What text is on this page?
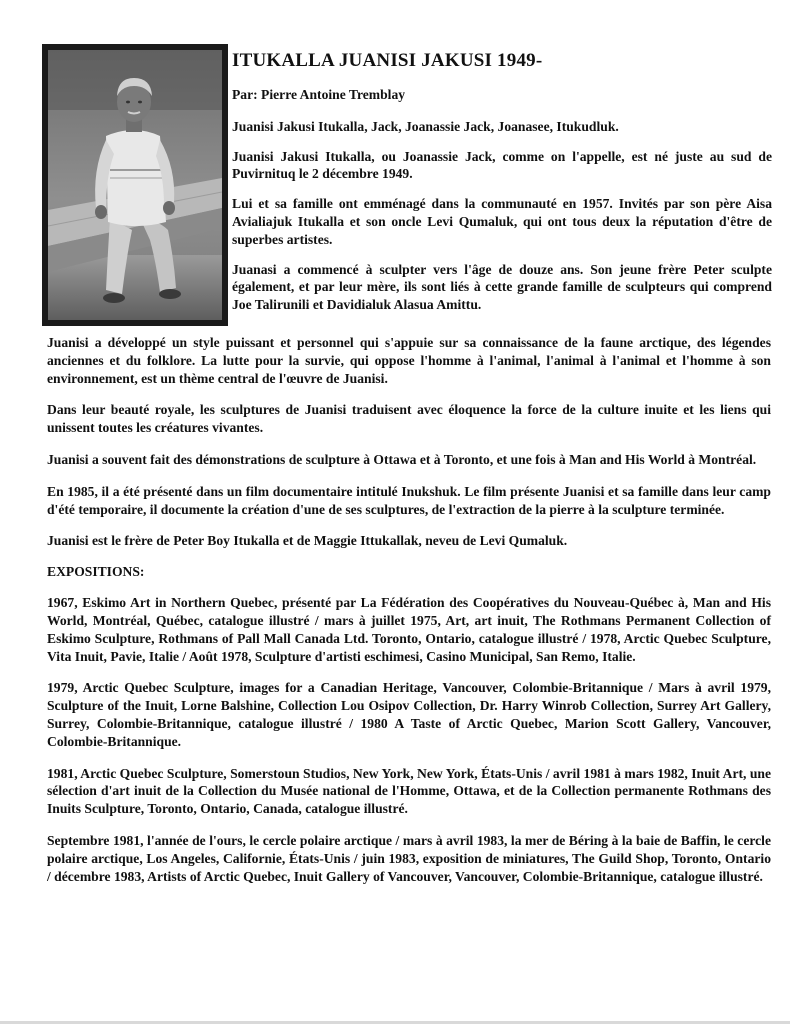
ITUKALLA JUANISI JAKUSI 1949-

Par: Pierre Antoine Tremblay

Juanisi Jakusi Itukalla, Jack, Joanassie Jack, Joanasee, Itukudluk.

Juanisi Jakusi Itukalla, ou Joanassie Jack, comme on l'appelle, est né juste au sud de Puvirnituq le 2 décembre 1949.

Lui et sa famille ont emménagé dans la communauté en 1957. Invités par son père Aisa Avialiajuk Itukalla et son oncle Levi Qumaluk, qui ont tous deux la réputation d'être de superbes artistes.

Juanasi a commencé à sculpter vers l'âge de douze ans. Son jeune frère Peter sculpte également, et par leur mère, ils sont liés à cette grande famille de sculpteurs qui comprend Joe Talirunili et Davidialuk Alasua Amittu.

Juanisi a développé un style puissant et personnel qui s'appuie sur sa connaissance de la faune arctique, des légendes anciennes et du folklore. La lutte pour la survie, qui oppose l'homme à l'animal, l'animal à l'animal et l'homme à son environnement, est un thème central de l'œuvre de Juanisi.

Dans leur beauté royale, les sculptures de Juanisi traduisent avec éloquence la force de la culture inuite et les liens qui unissent toutes les créatures vivantes.

Juanisi a souvent fait des démonstrations de sculpture à Ottawa et à Toronto, et une fois à Man and His World à Montréal.

En 1985, il a été présenté dans un film documentaire intitulé Inukshuk. Le film présente Juanisi et sa famille dans leur camp d'été temporaire, il documente la création d'une de ses sculptures, de l'extraction de la pierre à la sculpture terminée.

Juanisi est le frère de Peter Boy Itukalla et de Maggie Ittukallak, neveu de Levi Qumaluk.

EXPOSITIONS:

1967, Eskimo Art in Northern Quebec, présenté par La Fédération des Coopératives du Nouveau-Québec à, Man and His World, Montréal, Québec, catalogue illustré / mars à juillet 1975, Art, art inuit, The Rothmans Permanent Collection of Eskimo Sculpture, Rothmans of Pall Mall Canada Ltd. Toronto, Ontario, catalogue illustré / 1978, Arctic Quebec Sculpture, Vita Inuit, Pavie, Italie / Août 1978, Sculpture d'artisti eschimesi, Casino Municipal, San Remo, Italie.

1979, Arctic Quebec Sculpture, images for a Canadian Heritage, Vancouver, Colombie-Britannique / Mars à avril 1979, Sculpture of the Inuit, Lorne Balshine, Collection Lou Osipov Collection, Dr. Harry Winrob Collection, Surrey Art Gallery, Surrey, Colombie-Britannique, catalogue illustré / 1980 A Taste of Arctic Quebec, Marion Scott Gallery, Vancouver, Colombie-Britannique.

1981, Arctic Quebec Sculpture, Somerstoun Studios, New York, New York, États-Unis / avril 1981 à mars 1982, Inuit Art, une sélection d'art inuit de la Collection du Musée national de l'Homme, Ottawa, et de la Collection permanente Rothmans des Inuits Sculpture, Toronto, Ontario, Canada, catalogue illustré.

Septembre 1981, l'année de l'ours, le cercle polaire arctique / mars à avril 1983, la mer de Béring à la baie de Baffin, le cercle polaire arctique, Los Angeles, Californie, États-Unis / juin 1983, exposition de miniatures, The Guild Shop, Toronto, Ontario / décembre 1983, Artists of Arctic Quebec, Inuit Gallery of Vancouver, Vancouver, Colombie-Britannique, catalogue illustré.
